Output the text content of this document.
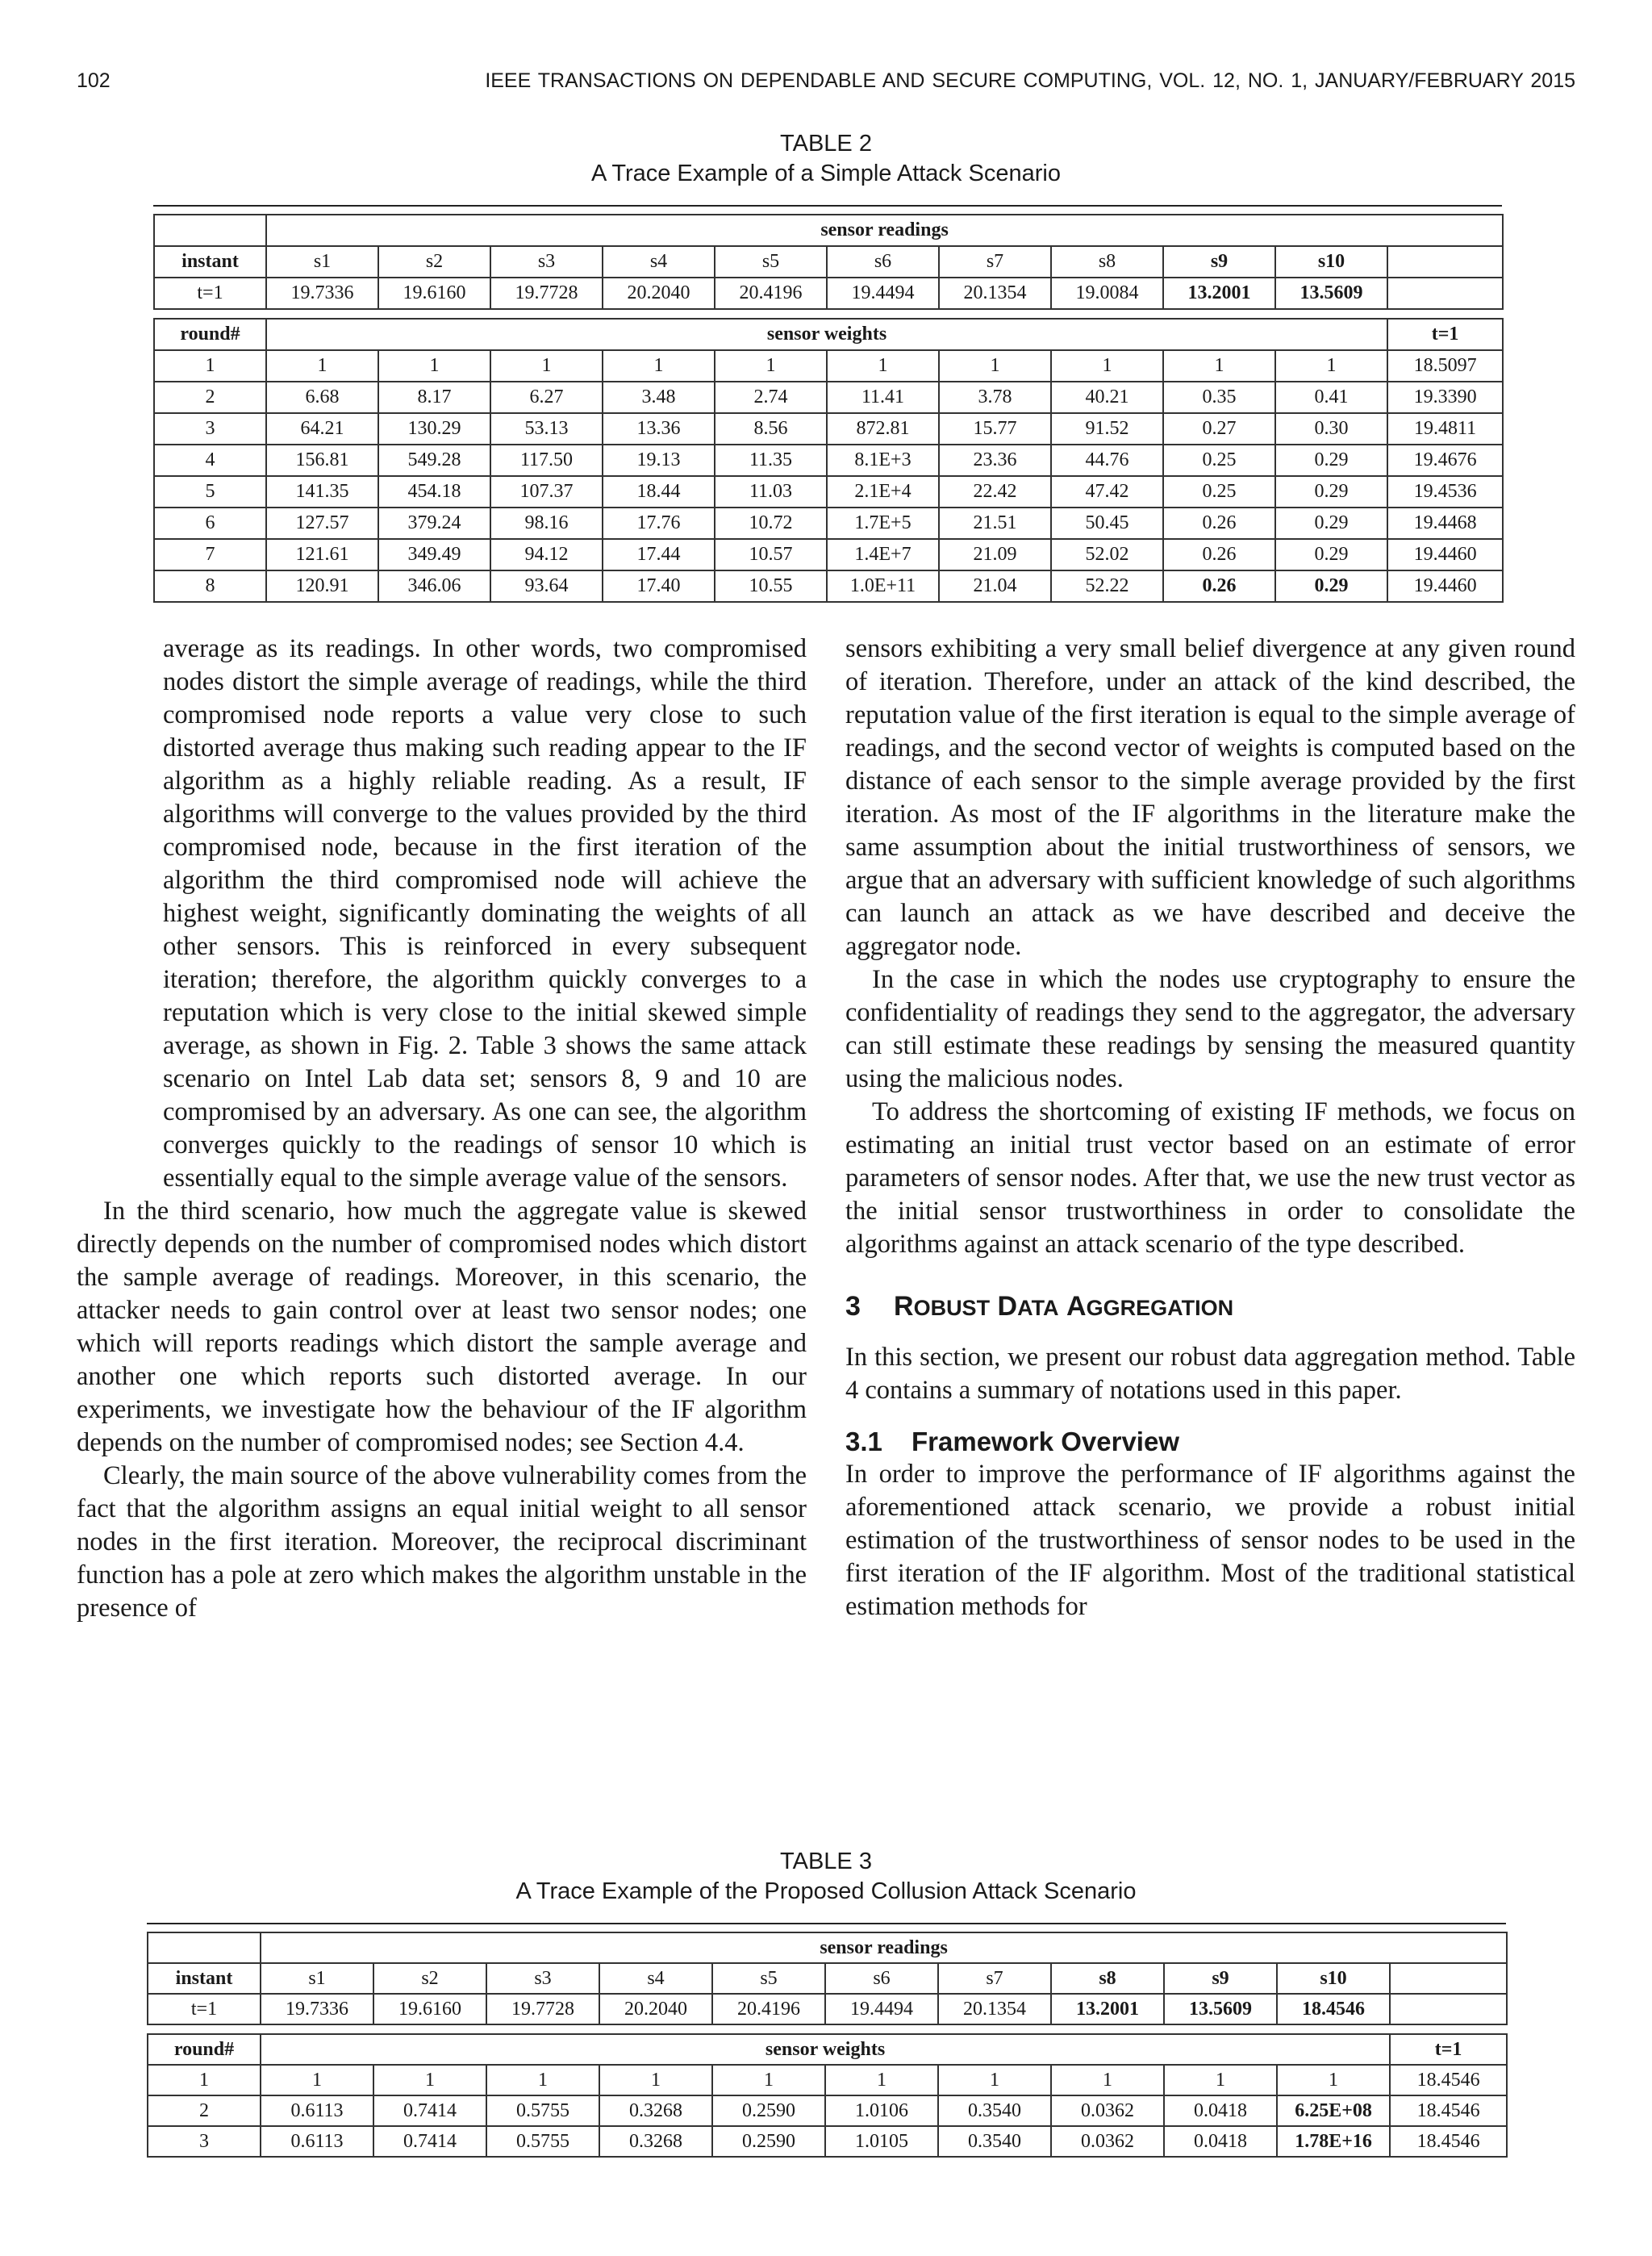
102	IEEE TRANSACTIONS ON DEPENDABLE AND SECURE COMPUTING, VOL. 12, NO. 1, JANUARY/FEBRUARY 2015
TABLE 2
A Trace Example of a Simple Attack Scenario
	sensor readings										
instant	s1	s2	s3	s4	s5	s6	s7	s8	s9	s10	
t=1	19.7336	19.6160	19.7728	20.2040	20.4196	19.4494	20.1354	19.0084	13.2001	13.5609	
round#	sensor weights										t=1
1	1	1	1	1	1	1	1	1	1	1	18.5097
2	6.68	8.17	6.27	3.48	2.74	11.41	3.78	40.21	0.35	0.41	19.3390
3	64.21	130.29	53.13	13.36	8.56	872.81	15.77	91.52	0.27	0.30	19.4811
4	156.81	549.28	117.50	19.13	11.35	8.1E+3	23.36	44.76	0.25	0.29	19.4676
5	141.35	454.18	107.37	18.44	11.03	2.1E+4	22.42	47.42	0.25	0.29	19.4536
6	127.57	379.24	98.16	17.76	10.72	1.7E+5	21.51	50.45	0.26	0.29	19.4468
7	121.61	349.49	94.12	17.44	10.57	1.4E+7	21.09	52.02	0.26	0.29	19.4460
8	120.91	346.06	93.64	17.40	10.55	1.0E+11	21.04	52.22	0.26	0.29	19.4460

average as its readings. In other words, two compromised nodes distort the simple average of readings, while the third compromised node reports a value very close to such distorted average thus making such reading appear to the IF algorithm as a highly reliable reading. As a result, IF algorithms will converge to the values provided by the third compromised node, because in the first iteration of the algorithm the third compromised node will achieve the highest weight, significantly dominating the weights of all other sensors. This is reinforced in every subsequent iteration; therefore, the algorithm quickly converges to a reputation which is very close to the initial skewed simple average, as shown in Fig. 2. Table 3 shows the same attack scenario on Intel Lab data set; sensors 8, 9 and 10 are compromised by an adversary. As one can see, the algorithm converges quickly to the readings of sensor 10 which is essentially equal to the simple average value of the sensors.

In the third scenario, how much the aggregate value is skewed directly depends on the number of compromised nodes which distort the sample average of readings. Moreover, in this scenario, the attacker needs to gain control over at least two sensor nodes; one which will reports readings which distort the sample average and another one which reports such distorted average. In our experiments, we investigate how the behaviour of the IF algorithm depends on the number of compromised nodes; see Section 4.4.

Clearly, the main source of the above vulnerability comes from the fact that the algorithm assigns an equal initial weight to all sensor nodes in the first iteration. Moreover, the reciprocal discriminant function has a pole at zero which makes the algorithm unstable in the presence of

sensors exhibiting a very small belief divergence at any given round of iteration. Therefore, under an attack of the kind described, the reputation value of the first iteration is equal to the simple average of readings, and the second vector of weights is computed based on the distance of each sensor to the simple average provided by the first iteration. As most of the IF algorithms in the literature make the same assumption about the initial trustworthiness of sensors, we argue that an adversary with sufficient knowledge of such algorithms can launch an attack as we have described and deceive the aggregator node.

In the case in which the nodes use cryptography to ensure the confidentiality of readings they send to the aggregator, the adversary can still estimate these readings by sensing the measured quantity using the malicious nodes.

To address the shortcoming of existing IF methods, we focus on estimating an initial trust vector based on an estimate of error parameters of sensor nodes. After that, we use the new trust vector as the initial sensor trustworthiness in order to consolidate the algorithms against an attack scenario of the type described.

3 ROBUST DATA AGGREGATION

In this section, we present our robust data aggregation method. Table 4 contains a summary of notations used in this paper.

3.1 Framework Overview

In order to improve the performance of IF algorithms against the aforementioned attack scenario, we provide a robust initial estimation of the trustworthiness of sensor nodes to be used in the first iteration of the IF algorithm. Most of the traditional statistical estimation methods for

TABLE 3
A Trace Example of the Proposed Collusion Attack Scenario
	sensor readings										
instant	s1	s2	s3	s4	s5	s6	s7	s8	s9	s10	
t=1	19.7336	19.6160	19.7728	20.2040	20.4196	19.4494	20.1354	13.2001	13.5609	18.4546	
round#	sensor weights										t=1
1	1	1	1	1	1	1	1	1	1	1	18.4546
2	0.6113	0.7414	0.5755	0.3268	0.2590	1.0106	0.3540	0.0362	0.0418	6.25E+08	18.4546
3	0.6113	0.7414	0.5755	0.3268	0.2590	1.0105	0.3540	0.0362	0.0418	1.78E+16	18.4546
